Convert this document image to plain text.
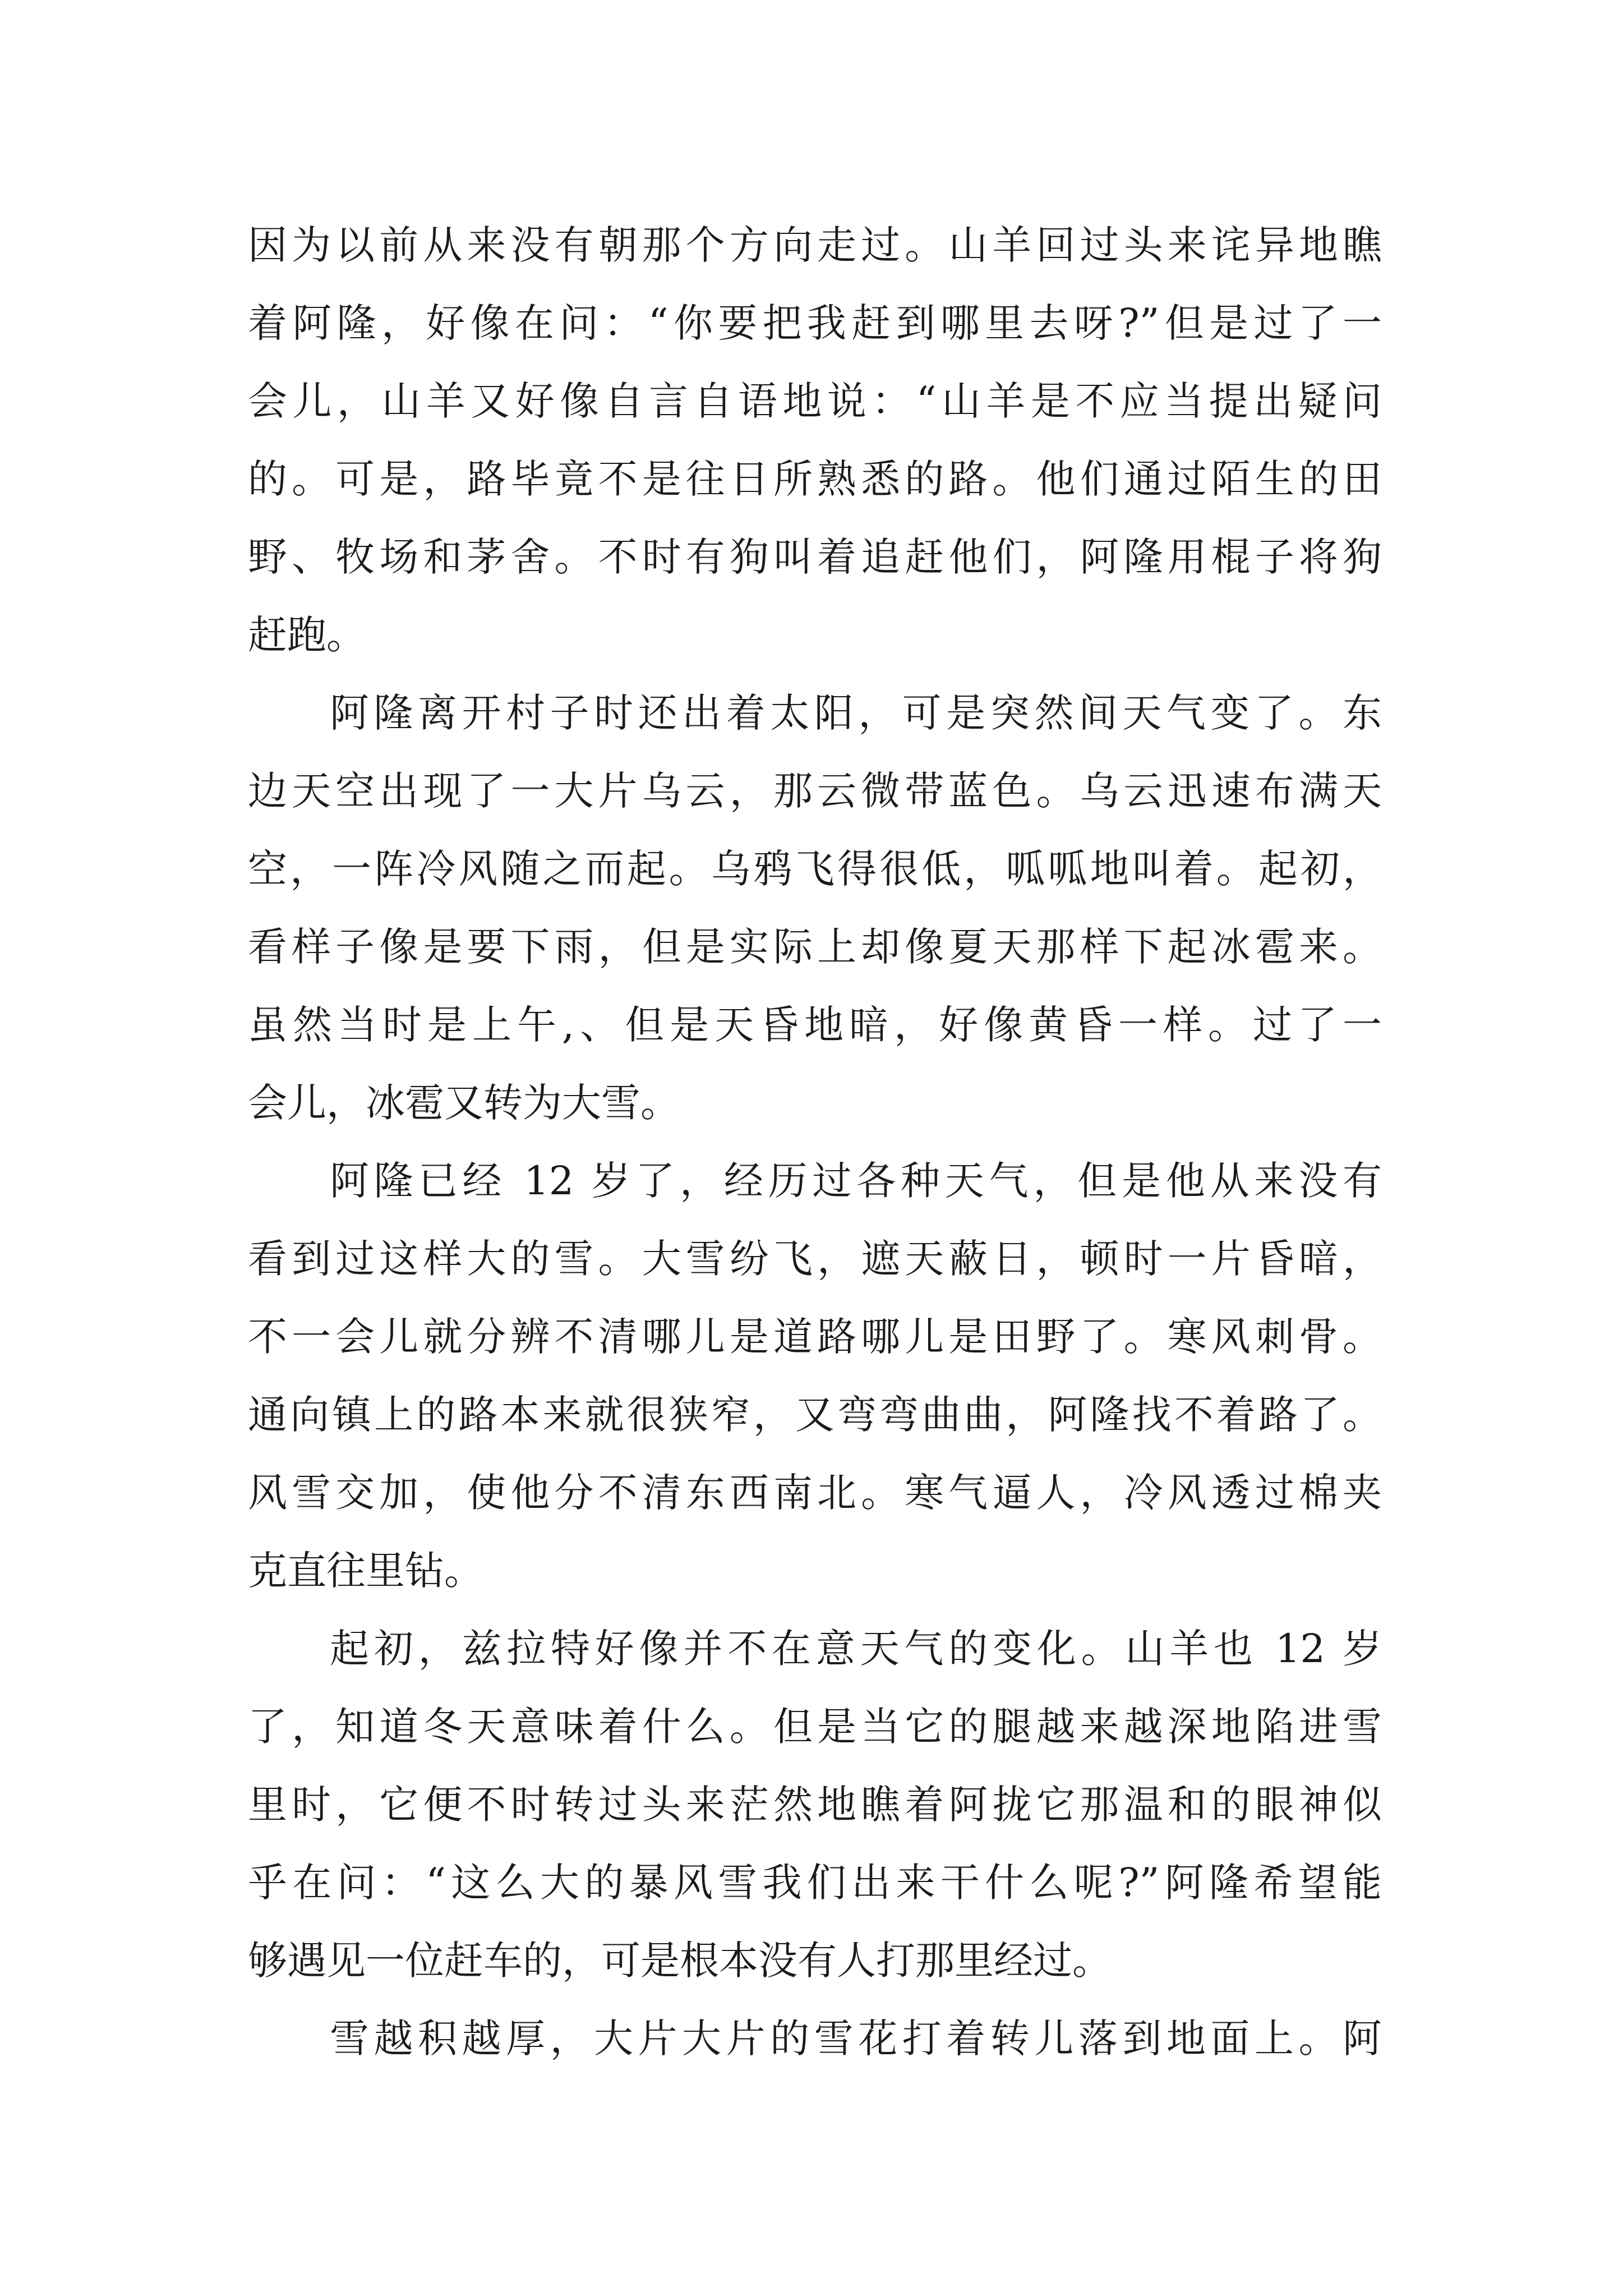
因为以前从来没有朝那个方向走过。山羊回过头来诧异地瞧
着阿隆，好像在问：“你要把我赶到哪里去呀?”但是过了一
会儿，山羊又好像自言自语地说：“山羊是不应当提出疑问
的。可是，路毕竟不是往日所熟悉的路。他们通过陌生的田
野、牧场和茅舍。不时有狗叫着追赶他们，阿隆用棍子将狗
赶跑。
阿隆离开村子时还出着太阳，可是突然间天气变了。东
边天空出现了一大片乌云，那云微带蓝色。乌云迅速布满天
空，一阵冷风随之而起。乌鸦飞得很低，呱呱地叫着。起初，
看样子像是要下雨，但是实际上却像夏天那样下起冰雹来。
虽然当时是上午,、但是天昏地暗，好像黄昏一样。过了一
会儿，冰雹又转为大雪。
阿隆已经 12 岁了，经历过各种天气，但是他从来没有
看到过这样大的雪。大雪纷飞，遮天蔽日，顿时一片昏暗，
不一会儿就分辨不清哪儿是道路哪儿是田野了。寒风刺骨。
通向镇上的路本来就很狭窄，又弯弯曲曲，阿隆找不着路了。
风雪交加，使他分不清东西南北。寒气逼人，冷风透过棉夹
克直往里钻。
起初，兹拉特好像并不在意天气的变化。山羊也 12 岁
了，知道冬天意味着什么。但是当它的腿越来越深地陷进雪
里时，它便不时转过头来茫然地瞧着阿拢它那温和的眼神似
乎在问：“这么大的暴风雪我们出来干什么呢?”阿隆希望能
够遇见一位赶车的，可是根本没有人打那里经过。
雪越积越厚，大片大片的雪花打着转儿落到地面上。阿
